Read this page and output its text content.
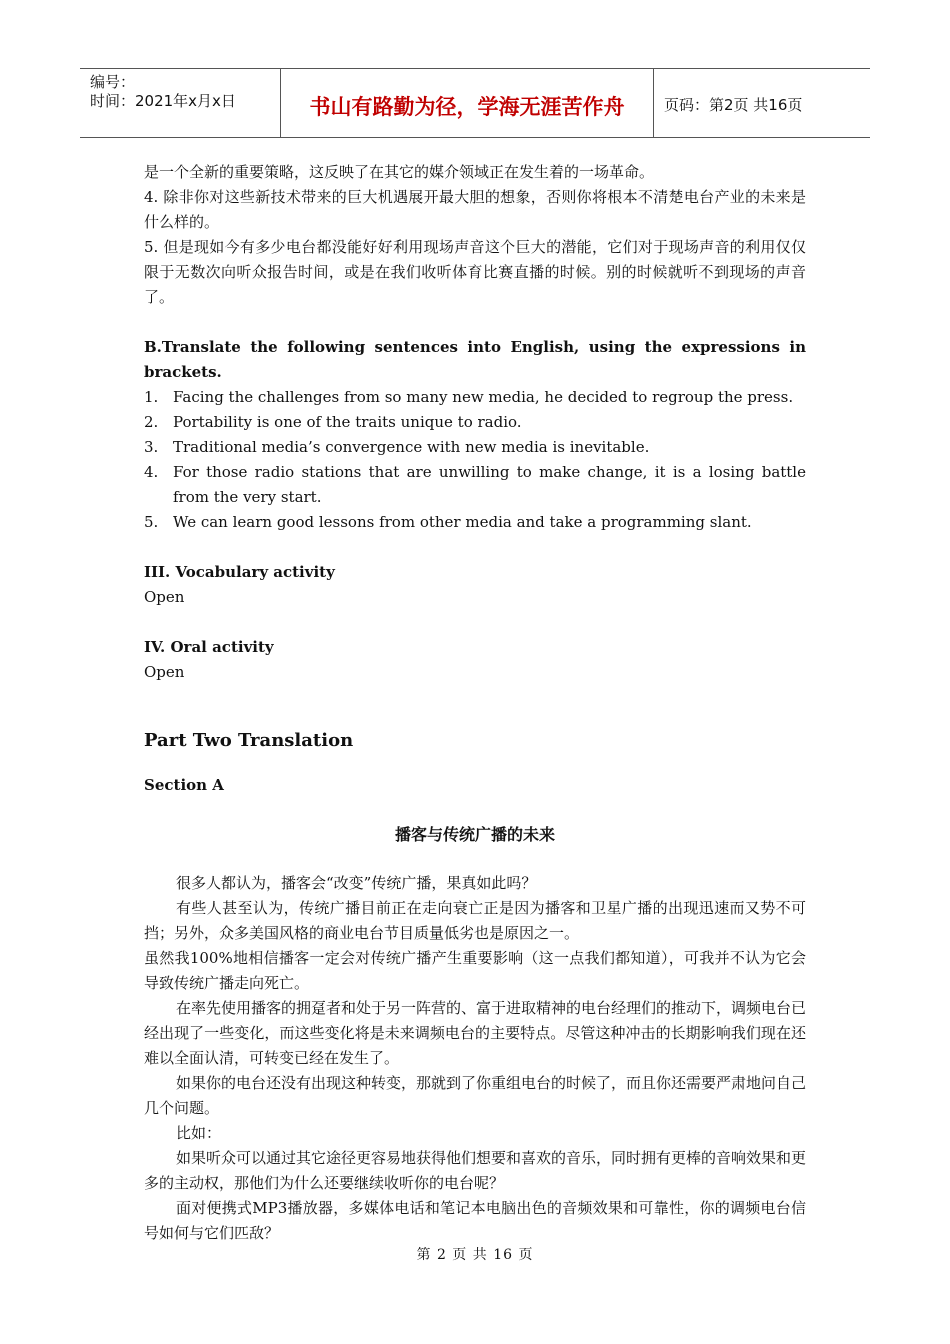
编号：
时间：2021年x月x日	书山有路勤为径，学海无涯苦作舟	页码：第2页 共16页

是一个全新的重要策略，这反映了在其它的媒介领域正在发生着的一场革命。

4. 除非你对这些新技术带来的巨大机遇展开最大胆的想象，否则你将根本不清楚电台产业的未来是什么样的。

5. 但是现如今有多少电台都没能好好利用现场声音这个巨大的潜能，它们对于现场声音的利用仅仅限于无数次向听众报告时间，或是在我们收听体育比赛直播的时候。别的时候就听不到现场的声音了。

B.Translate the following sentences into English, using the expressions in brackets.

1. Facing the challenges from so many new media, he decided to regroup the press.
2. Portability is one of the traits unique to radio.
3. Traditional media’s convergence with new media is inevitable.
4. For those radio stations that are unwilling to make change, it is a losing battle from the very start.
5. We can learn good lessons from other media and take a programming slant.

III. Vocabulary activity

Open

IV. Oral activity

Open

Part Two Translation

Section A

播客与传统广播的未来

很多人都认为，播客会“改变”传统广播，果真如此吗？

有些人甚至认为，传统广播目前正在走向衰亡正是因为播客和卫星广播的出现迅速而又势不可挡；另外，众多美国风格的商业电台节目质量低劣也是原因之一。

虽然我100%地相信播客一定会对传统广播产生重要影响（这一点我们都知道），可我并不认为它会导致传统广播走向死亡。

在率先使用播客的拥趸者和处于另一阵营的、富于进取精神的电台经理们的推动下，调频电台已经出现了一些变化，而这些变化将是未来调频电台的主要特点。尽管这种冲击的长期影响我们现在还难以全面认清，可转变已经在发生了。

如果你的电台还没有出现这种转变，那就到了你重组电台的时候了，而且你还需要严肃地问自己几个问题。

比如：

如果听众可以通过其它途径更容易地获得他们想要和喜欢的音乐，同时拥有更棒的音响效果和更多的主动权，那他们为什么还要继续收听你的电台呢？

面对便携式MP3播放器，多媒体电话和笔记本电脑出色的音频效果和可靠性，你的调频电台信号如何与它们匹敌？

第 2 页 共 16 页
